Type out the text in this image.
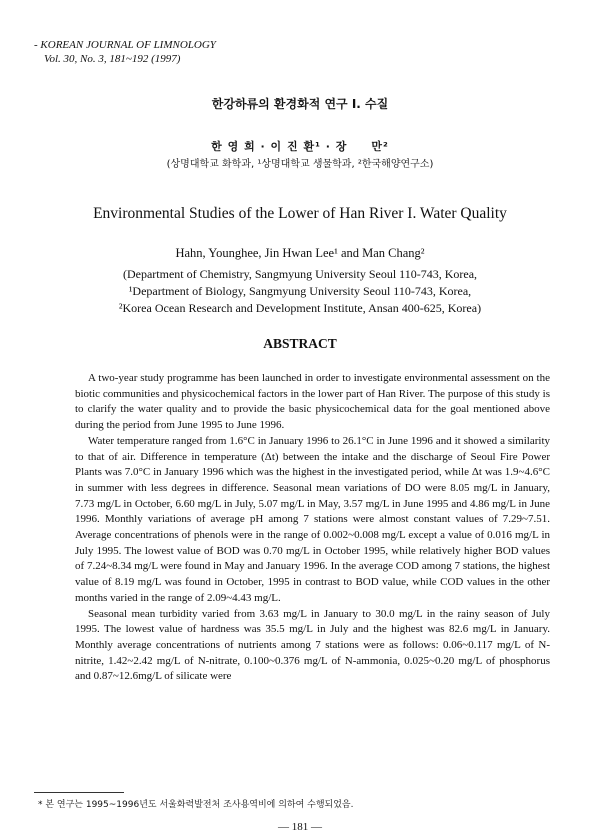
- KOREAN JOURNAL OF LIMNOLOGY
Vol. 30, No. 3, 181~192 (1997)
한강하류의 환경화적 연구 I. 수질
한 영 희 · 이 진 환¹ · 장　　만²
(상명대학교 화학과, ¹상명대학교 생물학과, ²한국해양연구소)
Environmental Studies of the Lower of Han River I. Water Quality
Hahn, Younghee, Jin Hwan Lee¹ and Man Chang²
(Department of Chemistry, Sangmyung University Seoul 110-743, Korea,
¹Department of Biology, Sangmyung University Seoul 110-743, Korea,
²Korea Ocean Research and Development Institute, Ansan 400-625, Korea)
ABSTRACT

A two-year study programme has been launched in order to investigate environmental assessment on the biotic communities and physicochemical factors in the lower part of Han River. The purpose of this study is to clarify the water quality and to provide the basic physicochemical data for the goal mentioned above during the period from June 1995 to June 1996.

Water temperature ranged from 1.6°C in January 1996 to 26.1°C in June 1996 and it showed a similarity to that of air. Difference in temperature (Δt) between the intake and the discharge of Seoul Fire Power Plants was 7.0°C in January 1996 which was the highest in the investigated period, while Δt was 1.9~4.6°C in summer with less degrees in difference. Seasonal mean variations of DO were 8.05 mg/L in January, 7.73 mg/L in October, 6.60 mg/L in July, 5.07 mg/L in May, 3.57 mg/L in June 1995 and 4.86 mg/L in June 1996. Monthly variations of average pH among 7 stations were almost constant values of 7.29~7.51. Average concentrations of phenols were in the range of 0.002~0.008 mg/L except a value of 0.016 mg/L in July 1995. The lowest value of BOD was 0.70 mg/L in October 1995, while relatively higher BOD values of 7.24~8.34 mg/L were found in May and January 1996. In the average COD among 7 stations, the highest value of 8.19 mg/L was found in October, 1995 in contrast to BOD value, while COD values in the other months varied in the range of 2.09~4.43 mg/L.

Seasonal mean turbidity varied from 3.63 mg/L in January to 30.0 mg/L in the rainy season of July 1995. The lowest value of hardness was 35.5 mg/L in July and the highest was 82.6 mg/L in January. Monthly average concentrations of nutrients among 7 stations were as follows: 0.06~0.117 mg/L of N-nitrite, 1.42~2.42 mg/L of N-nitrate, 0.100~0.376 mg/L of N-ammonia, 0.025~0.20 mg/L of phosphorus and 0.87~12.6mg/L of silicate were

* 본 연구는 1995~1996년도 서울화력발전처 조사용역비에 의하여 수행되었음.
— 181 —
